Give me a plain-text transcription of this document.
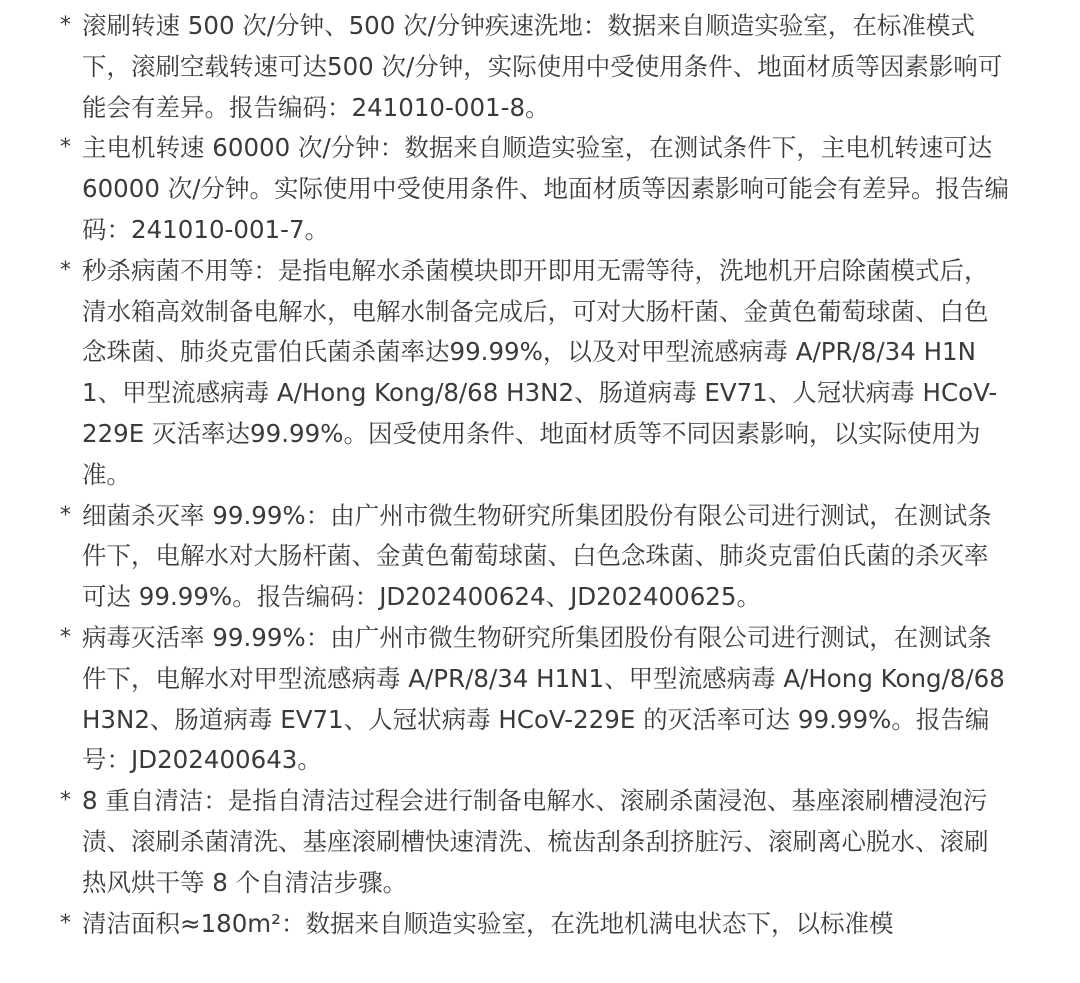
* 滚刷转速 500 次/分钟、500 次/分钟疾速洗地：数据来自顺造实验室，在标准模式下，滚刷空载转速可达500 次/分钟，实际使用中受使用条件、地面材质等因素影响可能会有差异。报告编码：241010-001-8。
* 主电机转速 60000 次/分钟：数据来自顺造实验室，在测试条件下，主电机转速可达 60000 次/分钟。实际使用中受使用条件、地面材质等因素影响可能会有差异。报告编码：241010-001-7。
* 秒杀病菌不用等：是指电解水杀菌模块即开即用无需等待，洗地机开启除菌模式后，清水箱高效制备电解水，电解水制备完成后，可对大肠杆菌、金黄色葡萄球菌、白色念珠菌、肺炎克雷伯氏菌杀菌率达99.99%，以及对甲型流感病毒 A/PR/8/34 H1N1、甲型流感病毒 A/Hong Kong/8/68 H3N2、肠道病毒 EV71、人冠状病毒 HCoV-229E 灭活率达99.99%。因受使用条件、地面材质等不同因素影响，以实际使用为准。
* 细菌杀灭率 99.99%：由广州市微生物研究所集团股份有限公司进行测试，在测试条件下，电解水对大肠杆菌、金黄色葡萄球菌、白色念珠菌、肺炎克雷伯氏菌的杀灭率可达 99.99%。报告编码：JD202400624、JD202400625。
* 病毒灭活率 99.99%：由广州市微生物研究所集团股份有限公司进行测试，在测试条件下，电解水对甲型流感病毒 A/PR/8/34 H1N1、甲型流感病毒 A/Hong Kong/8/68 H3N2、肠道病毒 EV71、人冠状病毒 HCoV-229E 的灭活率可达 99.99%。报告编号：JD202400643。
* 8 重自清洁：是指自清洁过程会进行制备电解水、滚刷杀菌浸泡、基座滚刷槽浸泡污渍、滚刷杀菌清洗、基座滚刷槽快速清洗、梳齿刮条刮挤脏污、滚刷离心脱水、滚刷热风烘干等 8 个自清洁步骤。
* 清洁面积≈180m²：数据来自顺造实验室，在洗地机满电状态下，以标准模
